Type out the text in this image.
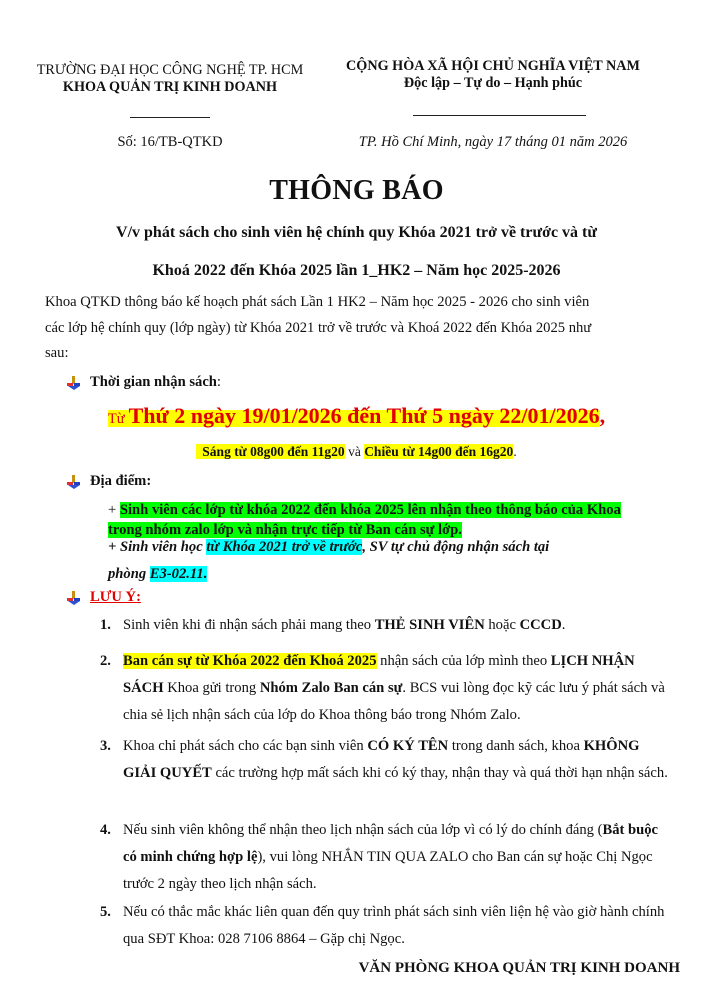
TRƯỜNG ĐẠI HỌC CÔNG NGHỆ TP. HCM
KHOA QUẢN TRỊ KINH DOANH
Số: 16/TB-QTKD
CỘNG HÒA XÃ HỘI CHỦ NGHĨA VIỆT NAM
Độc lập – Tự do – Hạnh phúc
TP. Hồ Chí Minh, ngày 17 tháng 01 năm 2026
THÔNG BÁO
V/v phát sách cho sinh viên hệ chính quy Khóa 2021 trở về trước và từ
Khoá 2022 đến Khóa 2025 lần 1_HK2 – Năm học 2025-2026
Khoa QTKD thông báo kế hoạch phát sách Lần 1 HK2 – Năm học 2025 - 2026 cho sinh viên
các lớp hệ chính quy (lớp ngày) từ Khóa 2021 trở về trước và Khoá 2022 đến Khóa 2025 như
sau:
Thời gian nhận sách :
Từ Thứ 2 ngày 19/01/2026 đến Thứ 5 ngày 22/01/2026,
Sáng từ 08g00 đến 11g20 và Chiều từ 14g00 đến 16g20.
Địa điểm:
+ Sinh viên các lớp từ khóa 2022 đến khóa 2025 lên nhận theo thông báo của Khoa
trong nhóm zalo lớp và nhận trực tiếp từ Ban cán sự lớp.
+ Sinh viên học từ Khóa 2021 trở về trước, SV tự chủ động nhận sách tại
phòng E3-02.11.
LƯU Ý:
1. Sinh viên khi đi nhận sách phải mang theo THẺ SINH VIÊN hoặc CCCD.
2. Ban cán sự từ Khóa 2022 đến Khoá 2025 nhận sách của lớp mình theo LỊCH NHẬN SÁCH Khoa gửi trong Nhóm Zalo Ban cán sự. BCS vui lòng đọc kỹ các lưu ý phát sách và chia sẻ lịch nhận sách của lớp do Khoa thông báo trong Nhóm Zalo.
3. Khoa chỉ phát sách cho các bạn sinh viên CÓ KÝ TÊN trong danh sách, khoa KHÔNG GIẢI QUYẾT các trường hợp mất sách khi có ký thay, nhận thay và quá thời hạn nhận sách.
4. Nếu sinh viên không thể nhận theo lịch nhận sách của lớp vì có lý do chính đáng (Bắt buộc có minh chứng hợp lệ), vui lòng NHẮN TIN QUA ZALO cho Ban cán sự hoặc Chị Ngọc trước 2 ngày theo lịch nhận sách.
5. Nếu có thắc mắc khác liên quan đến quy trình phát sách sinh viên liện hệ vào giờ hành chính qua SĐT Khoa: 028 7106 8864 – Gặp chị Ngọc.
VĂN PHÒNG KHOA QUẢN TRỊ KINH DOANH
